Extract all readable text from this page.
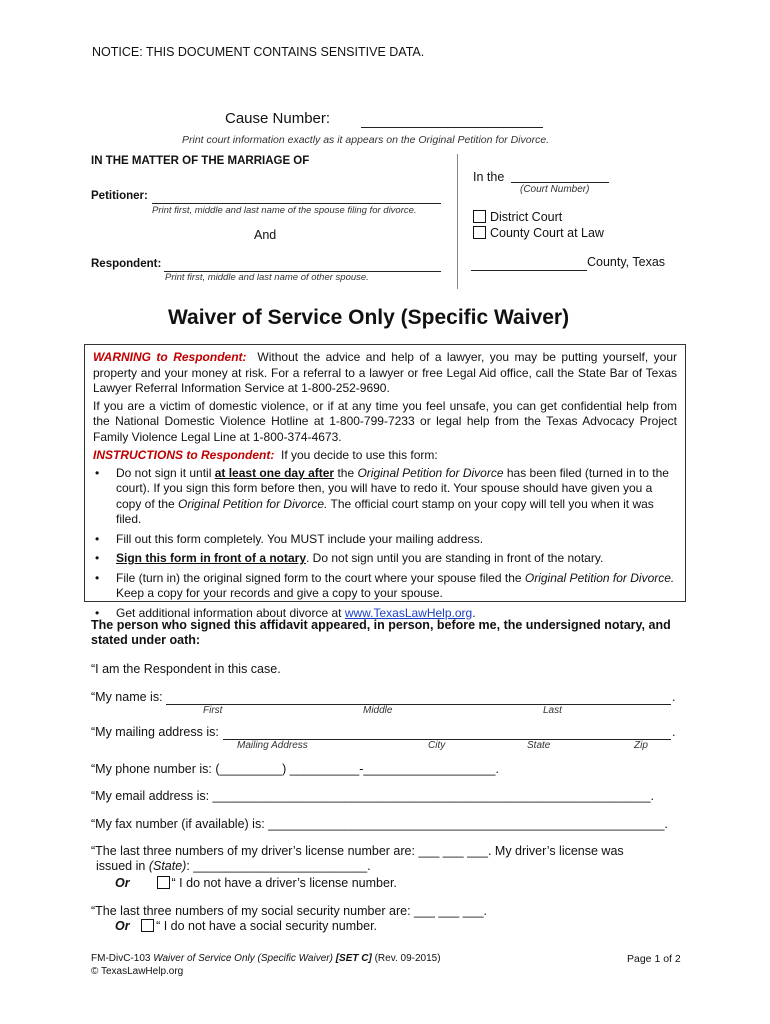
NOTICE: THIS DOCUMENT CONTAINS SENSITIVE DATA.
Cause Number:
Print court information exactly as it appears on the Original Petition for Divorce.
IN THE MATTER OF THE MARRIAGE OF
Petitioner:
Print first, middle and last name of the spouse filing for divorce.
And
Respondent:
Print first, middle and last name of other spouse.
In the
(Court Number)
District Court
County Court at Law
County, Texas
Waiver of Service Only (Specific Waiver)

WARNING to Respondent: Without the advice and help of a lawyer, you may be putting yourself, your property and your money at risk. For a referral to a lawyer or free Legal Aid office, call the State Bar of Texas Lawyer Referral Information Service at 1-800-252-9690.

If you are a victim of domestic violence, or if at any time you feel unsafe, you can get confidential help from the National Domestic Violence Hotline at 1-800-799-7233 or legal help from the Texas Advocacy Project Family Violence Legal Line at 1-800-374-4673.

INSTRUCTIONS to Respondent: If you decide to use this form:

• Do not sign it until at least one day after the Original Petition for Divorce has been filed (turned in to the court). If you sign this form before then, you will have to redo it. Your spouse should have given you a copy of the Original Petition for Divorce. The official court stamp on your copy will tell you when it was filed.
• Fill out this form completely. You MUST include your mailing address.
• Sign this form in front of a notary. Do not sign until you are standing in front of the notary.
• File (turn in) the original signed form to the court where your spouse filed the Original Petition for Divorce. Keep a copy for your records and give a copy to your spouse.
• Get additional information about divorce at www.TexasLawHelp.org.
The person who signed this affidavit appeared, in person, before me, the undersigned notary, and stated under oath:
“I am the Respondent in this case.
“My name is:	.
First	Middle	Last
“My mailing address is:	.
Mailing Address	City	State	Zip
“My phone number is: (_________) __________-___________________.
“My email address is: _______________________________________________________________.
“My fax number (if available) is: _________________________________________________________.
“The last three numbers of my driver’s license number are: ___ ___ ___. My driver’s license was
issued in (State): _________________________.
Or	“ I do not have a driver’s license number.
“The last three numbers of my social security number are: ___ ___ ___.
Or “ I do not have a social security number.
FM-DivC-103 Waiver of Service Only (Specific Waiver) [SET C] (Rev. 09-2015)
© TexasLawHelp.org
Page 1 of 2
